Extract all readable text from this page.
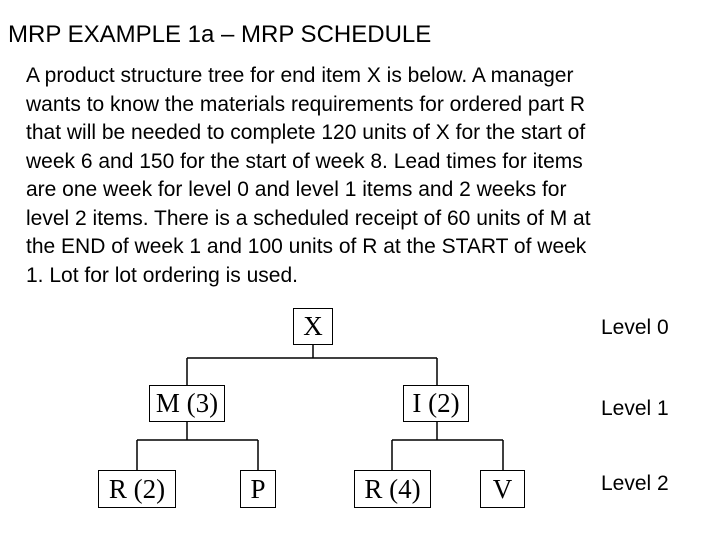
MRP EXAMPLE 1a – MRP SCHEDULE
A product structure tree for end item X is below. A manager
wants to know the materials requirements for ordered part R
that will be needed to complete 120 units of X for the start of
week 6 and 150 for the start of week 8. Lead times for items
are one week for level 0 and level 1 items and 2 weeks for
level 2 items. There is a scheduled receipt of 60 units of M at
the END of week 1 and 100 units of R at the START of week
1. Lot for lot ordering is used.
X
M (3)	I (2)
R (2)	P	R (4)	V
Level 0
Level 1
Level 2
